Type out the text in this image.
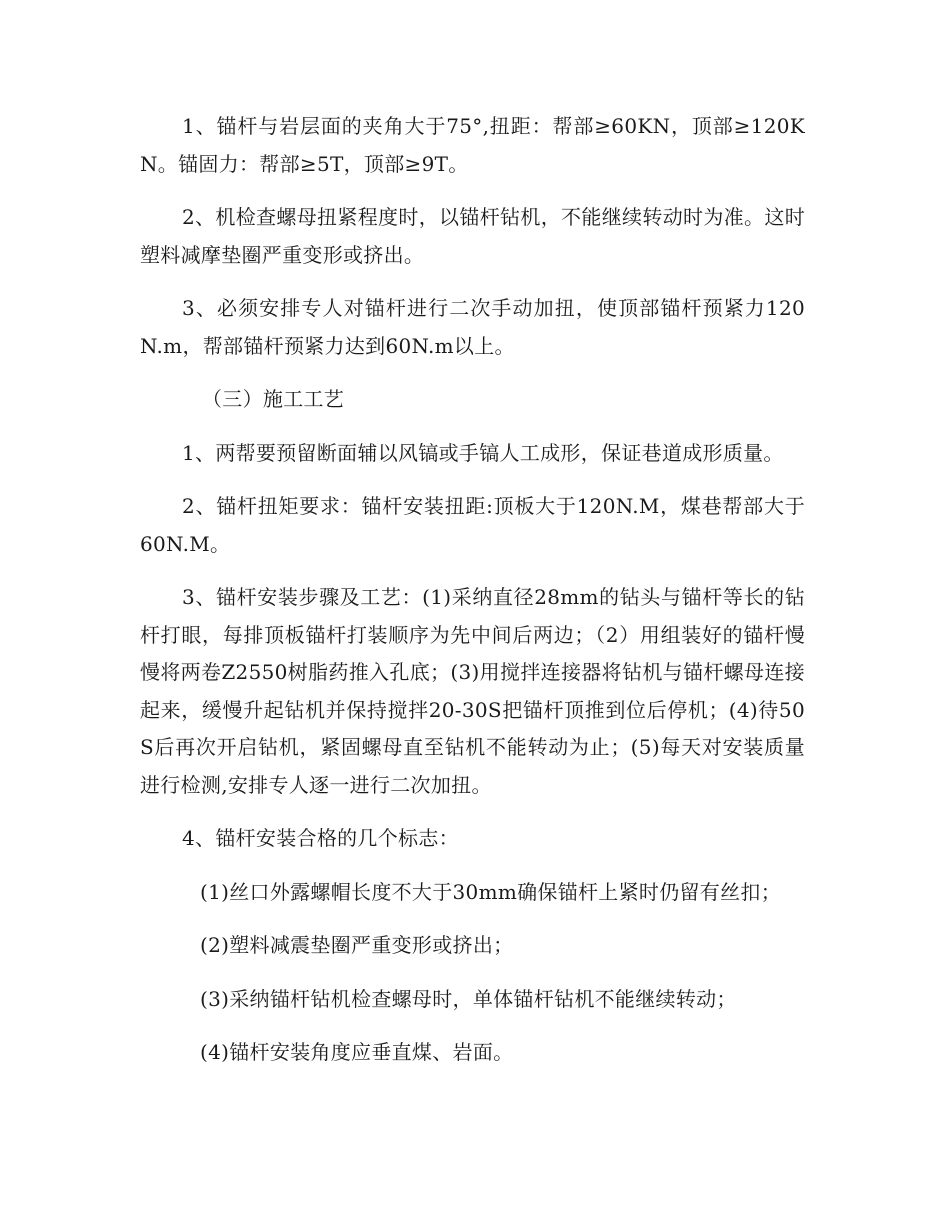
1、锚杆与岩层面的夹角大于75°,扭距：帮部≥60KN，顶部≥120KN。锚固力：帮部≥5T，顶部≥9T。

2、机检查螺母扭紧程度时，以锚杆钻机，不能继续转动时为准。这时塑料减摩垫圈严重变形或挤出。

3、必须安排专人对锚杆进行二次手动加扭，使顶部锚杆预紧力120N.m，帮部锚杆预紧力达到60N.m以上。

（三）施工工艺

1、两帮要预留断面辅以风镐或手镐人工成形，保证巷道成形质量。

2、锚杆扭矩要求：锚杆安装扭距:顶板大于120N.M，煤巷帮部大于60N.M。

3、锚杆安装步骤及工艺：(1)采纳直径28mm的钻头与锚杆等长的钻杆打眼，每排顶板锚杆打装顺序为先中间后两边；（2）用组装好的锚杆慢慢将两卷Z2550树脂药推入孔底；(3)用搅拌连接器将钻机与锚杆螺母连接起来，缓慢升起钻机并保持搅拌20-30S把锚杆顶推到位后停机；(4)待50S后再次开启钻机，紧固螺母直至钻机不能转动为止；(5)每天对安装质量进行检测,安排专人逐一进行二次加扭。

4、锚杆安装合格的几个标志：

(1)丝口外露螺帽长度不大于30mm确保锚杆上紧时仍留有丝扣；

(2)塑料减震垫圈严重变形或挤出；

(3)采纳锚杆钻机检查螺母时，单体锚杆钻机不能继续转动；

(4)锚杆安装角度应垂直煤、岩面。
